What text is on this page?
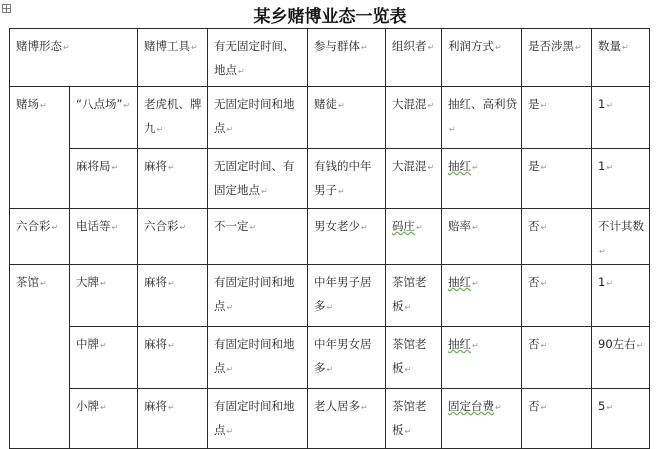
某乡赌博业态一览表
赌博形态↵		赌博工具↵	有无固定时间、地点↵	参与群体↵	组织者↵	利润方式↵	是否涉黑↵	数量↵
赌场↵	“八点场”↵	老虎机、牌九↵	无固定时间和地点↵	赌徒↵	大混混↵	抽红、高利贷↵	是↵	1↵
	麻将局↵	麻将↵	无固定时间、有固定地点↵	有钱的中年男子↵	大混混↵	抽红↵	是↵	1↵
六合彩↵	电话等↵	六合彩↵	不一定↵	男女老少↵	码庄↵	赔率↵	否↵	不计其数↵
茶馆↵	大牌↵	麻将↵	有固定时间和地点↵	中年男子居多↵	茶馆老板↵	抽红↵	否↵	1↵
	中牌↵	麻将↵	有固定时间和地点↵	中年男女居多↵	茶馆老板↵	抽红↵	否↵	90左右↵
	小牌↵	麻将↵	有固定时间和地点↵	老人居多↵	茶馆老板↵	固定台费↵	否↵	5↵
